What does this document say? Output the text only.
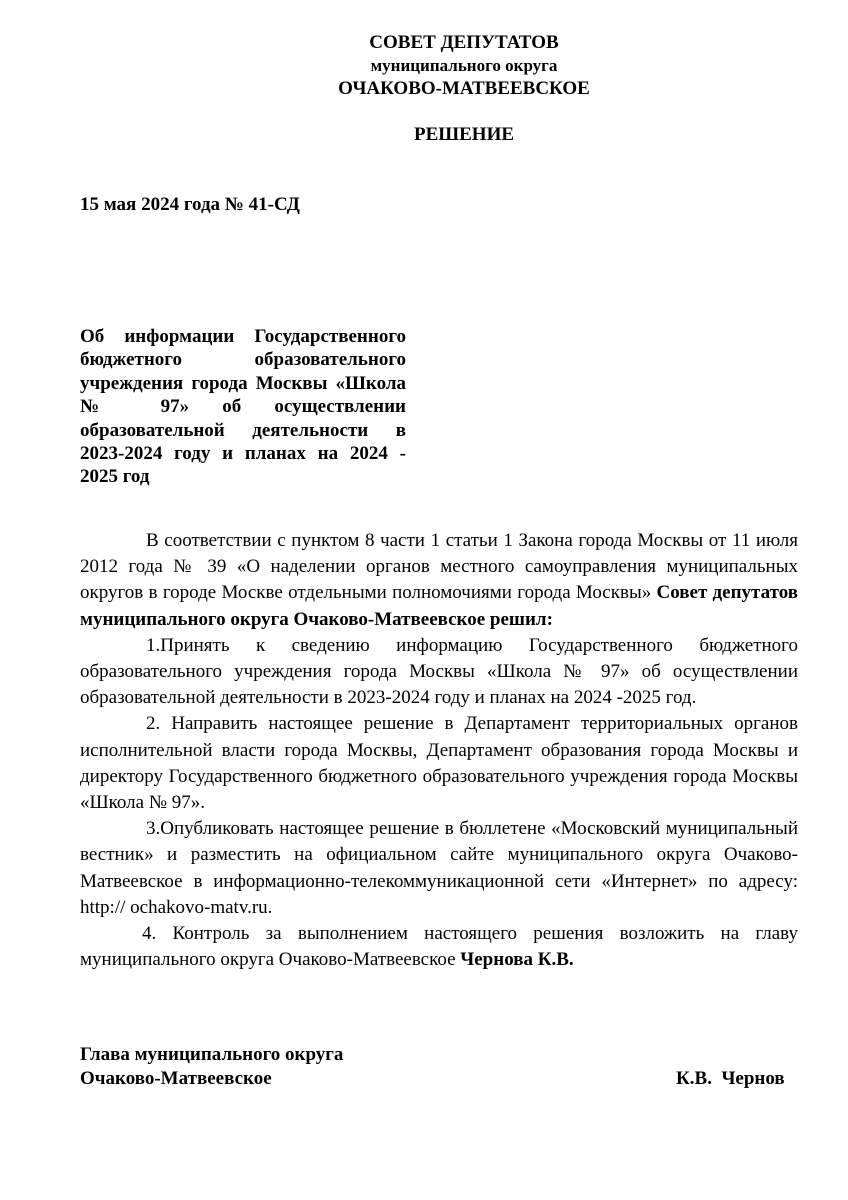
СОВЕТ ДЕПУТАТОВ
муниципального округа
ОЧАКОВО-МАТВЕЕВСКОЕ
РЕШЕНИЕ
15 мая 2024 года № 41-СД
Об информации Государственного бюджетного образовательного учреждения города Москвы «Школа № 97» об осуществлении образовательной деятельности в 2023-2024 году и планах на 2024 - 2025 год

В соответствии с пунктом 8 части 1 статьи 1 Закона города Москвы от 11 июля 2012 года № 39 «О наделении органов местного самоуправления муниципальных округов в городе Москве отдельными полномочиями города Москвы» Совет депутатов муниципального округа Очаково-Матвеевское решил:

1.Принять к сведению информацию Государственного бюджетного образовательного учреждения города Москвы «Школа № 97» об осуществлении образовательной деятельности в 2023-2024 году и планах на 2024 -2025 год.

2. Направить настоящее решение в Департамент территориальных органов исполнительной власти города Москвы, Департамент образования города Москвы и директору Государственного бюджетного образовательного учреждения города Москвы «Школа № 97».

3.Опубликовать настоящее решение в бюллетене «Московский муниципальный вестник» и разместить на официальном сайте муниципального округа Очаково-Матвеевское в информационно-телекоммуникационной сети «Интернет» по адресу: http:// ochakovo-matv.ru.

4. Контроль за выполнением настоящего решения возложить на главу муниципального округа Очаково-Матвеевское Чернова К.В.

Глава муниципального округа
Очаково-Матвеевское	К.В.  Чернов
